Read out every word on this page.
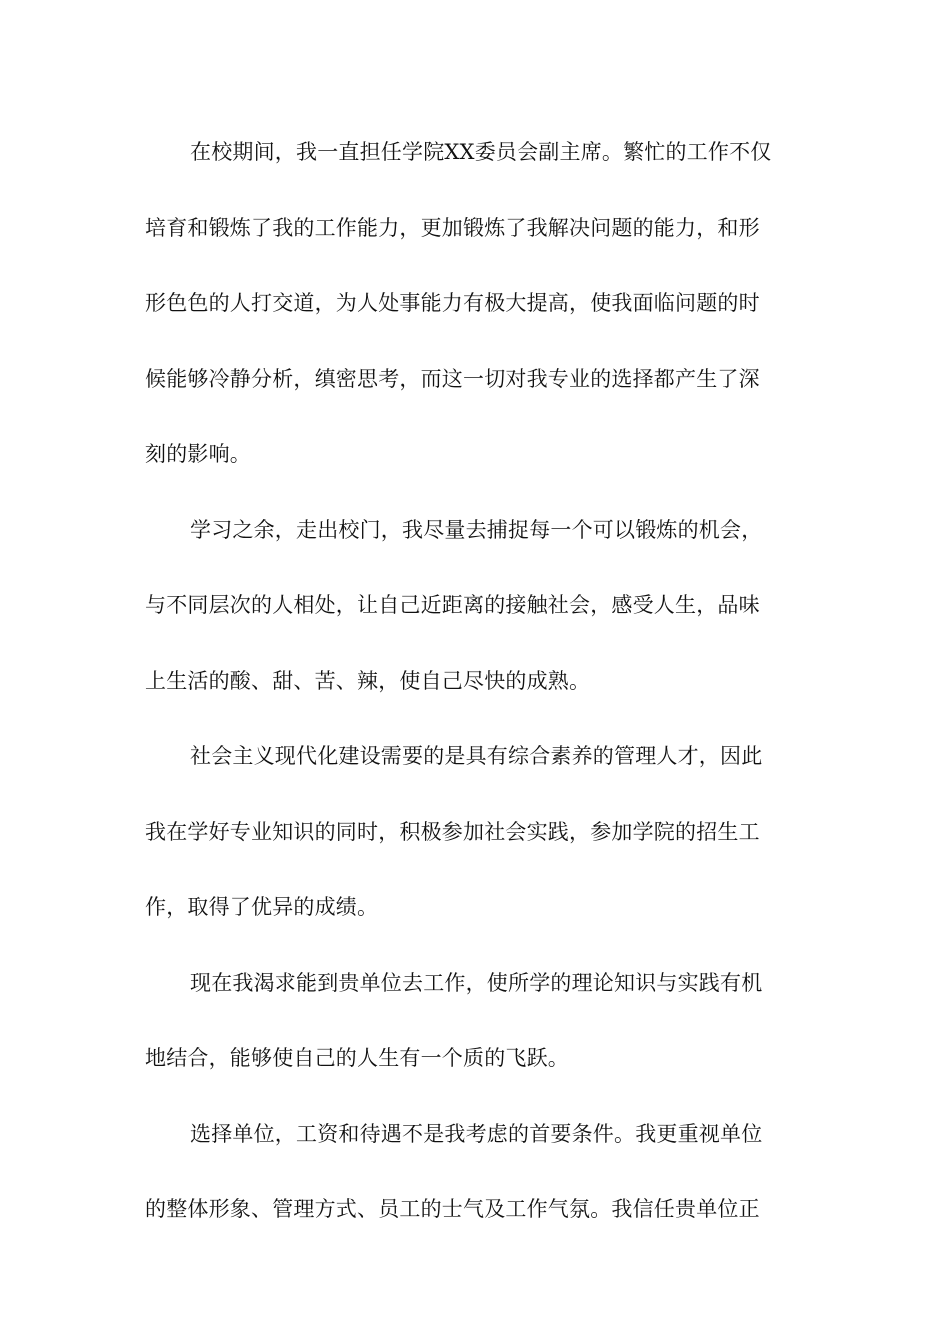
在校期间，我一直担任学院XX委员会副主席。繁忙的工作不仅
培育和锻炼了我的工作能力，更加锻炼了我解决问题的能力，和形
形色色的人打交道，为人处事能力有极大提高，使我面临问题的时
候能够冷静分析，缜密思考，而这一切对我专业的选择都产生了深
刻的影响。
学习之余，走出校门，我尽量去捕捉每一个可以锻炼的机会，
与不同层次的人相处，让自己近距离的接触社会，感受人生，品味
上生活的酸、甜、苦、辣，使自己尽快的成熟。
社会主义现代化建设需要的是具有综合素养的管理人才，因此
我在学好专业知识的同时，积极参加社会实践，参加学院的招生工
作，取得了优异的成绩。
现在我渴求能到贵单位去工作，使所学的理论知识与实践有机
地结合，能够使自己的人生有一个质的飞跃。
选择单位，工资和待遇不是我考虑的首要条件。我更重视单位
的整体形象、管理方式、员工的士气及工作气氛。我信任贵单位正
